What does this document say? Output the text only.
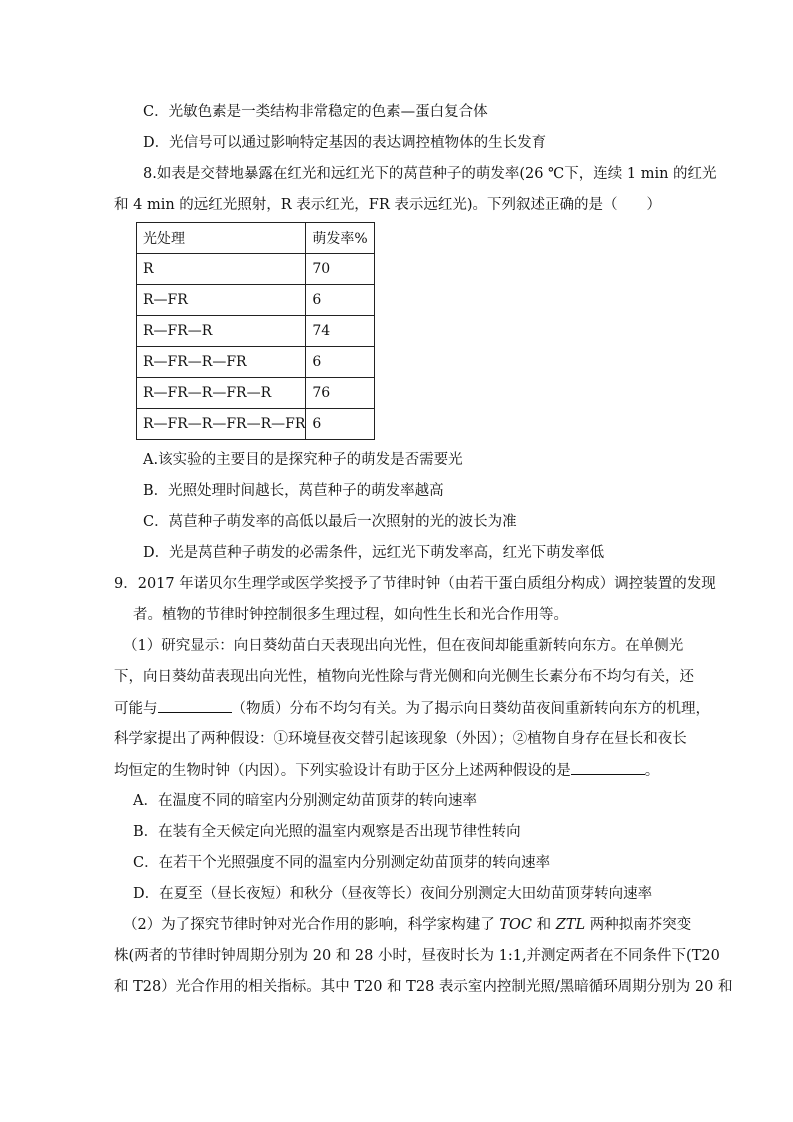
C．光敏色素是一类结构非常稳定的色素—蛋白复合体
D．光信号可以通过影响特定基因的表达调控植物体的生长发育
8.如表是交替地暴露在红光和远红光下的莴苣种子的萌发率(26 ℃下，连续 1 min 的红光
和 4 min 的远红光照射，R 表示红光，FR 表示远红光)。下列叙述正确的是（　　）
光处理	萌发率%
R	70
R—FR	6
R—FR—R	74
R—FR—R—FR	6
R—FR—R—FR—R	76
R—FR—R—FR—R—FR	6
A.该实验的主要目的是探究种子的萌发是否需要光
B．光照处理时间越长，莴苣种子的萌发率越高
C．莴苣种子萌发率的高低以最后一次照射的光的波长为准
D．光是莴苣种子萌发的必需条件，远红光下萌发率高，红光下萌发率低
9．2017 年诺贝尔生理学或医学奖授予了节律时钟（由若干蛋白质组分构成）调控装置的发现
者。植物的节律时钟控制很多生理过程，如向性生长和光合作用等。
（1）研究显示：向日葵幼苗白天表现出向光性，但在夜间却能重新转向东方。在单侧光
下，向日葵幼苗表现出向光性，植物向光性除与背光侧和向光侧生长素分布不均匀有关，还
可能与	（物质）分布不均匀有关。为了揭示向日葵幼苗夜间重新转向东方的机理，
科学家提出了两种假设：①环境昼夜交替引起该现象（外因）；②植物自身存在昼长和夜长
均恒定的生物时钟（内因）。下列实验设计有助于区分上述两种假设的是	。
A．在温度不同的暗室内分别测定幼苗顶芽的转向速率
B．在装有全天候定向光照的温室内观察是否出现节律性转向
C．在若干个光照强度不同的温室内分别测定幼苗顶芽的转向速率
D．在夏至（昼长夜短）和秋分（昼夜等长）夜间分别测定大田幼苗顶芽转向速率
（2）为了探究节律时钟对光合作用的影响，科学家构建了 TOC 和 ZTL 两种拟南芥突变
株(两者的节律时钟周期分别为 20 和 28 小时，昼夜时长为 1:1,并测定两者在不同条件下(T20
和 T28）光合作用的相关指标。其中 T20 和 T28 表示室内控制光照/黑暗循环周期分别为 20 和
